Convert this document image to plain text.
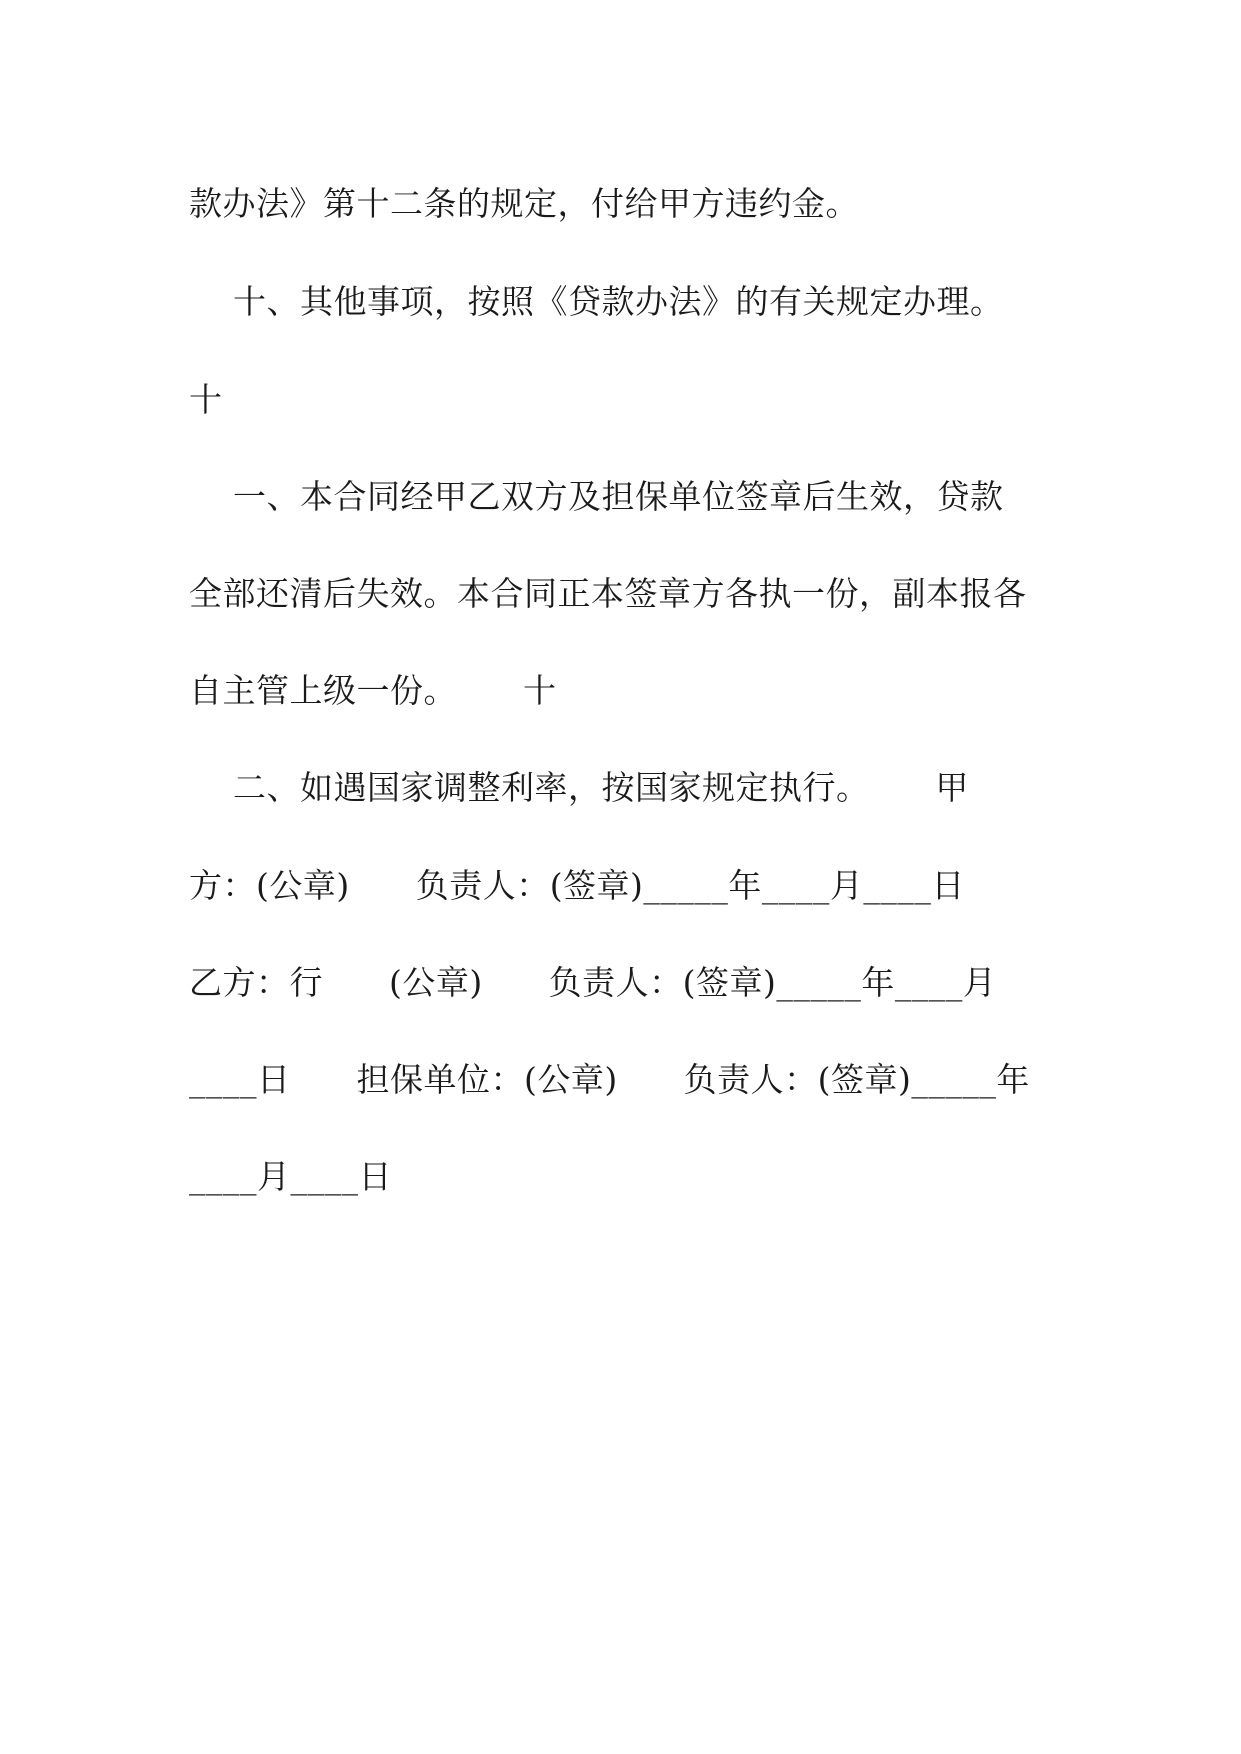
款办法》第十二条的规定，付给甲方违约金。
十、其他事项，按照《贷款办法》的有关规定办理。
十
一、本合同经甲乙双方及担保单位签章后生效，贷款
全部还清后失效。本合同正本签章方各执一份，副本报各
自主管上级一份。      十
二、如遇国家调整利率，按国家规定执行。      甲
方：(公章)      负责人：(签章)_____年____月____日
乙方：行      (公章)      负责人：(签章)_____年____月
____日      担保单位：(公章)      负责人：(签章)_____年
____月____日
